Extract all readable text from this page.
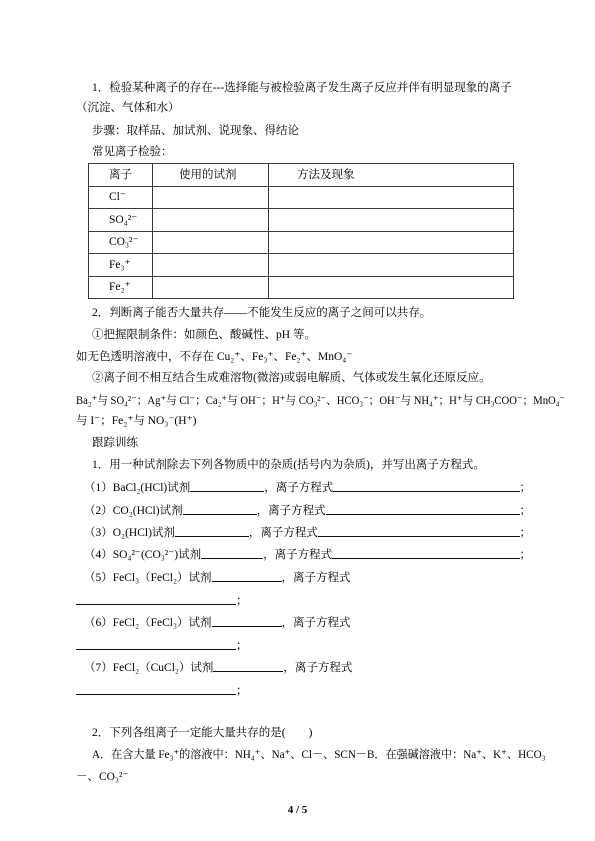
1．检验某种离子的存在---选择能与被检验离子发生离子反应并伴有明显现象的离子
（沉淀、气体和水）
步骤：取样品、加试剂、说现象、得结论
常见离子检验：
离子	使用的试剂	方法及现象
Cl⁻		
SO₄²⁻		
CO₃²⁻		
Fe₃⁺		
Fe₂⁺		
2．判断离子能否大量共存——不能发生反应的离子之间可以共存。
①把握限制条件：如颜色、酸碱性、pH 等。
如无色透明溶液中，不存在 Cu₂⁺、Fe₃⁺、Fe₂⁺、MnO₄⁻
②离子间不相互结合生成难溶物(微溶)或弱电解质、气体或发生氧化还原反应。
Ba₂⁺与 SO₄²⁻；Ag⁺与 Cl⁻；Ca₂⁺与 OH⁻；H⁺与 CO₃²⁻、HCO₃⁻；OH⁻与 NH₄⁺；H⁺与 CH₃COO⁻；MnO₄⁻
与 I⁻；Fe₂⁺与 NO₃⁻(H⁺)
跟踪训练
1．用一种试剂除去下列各物质中的杂质(括号内为杂质)，并写出离子方程式。
（1）BaCl₂(HCl)试剂	，离子方程式	；
（2）CO₂(HCl)试剂	，离子方程式	；
（3）O₂(HCl)试剂	，离子方程式	；
（4）SO₄²⁻(CO₃²⁻)试剂	，离子方程式	；
（5）FeCl₃（FeCl₂）试剂	，离子方程式
；
（6）FeCl₂（FeCl₃）试剂	，离子方程式
；
（7）FeCl₂（CuCl₂）试剂	，离子方程式
；
2．下列各组离子一定能大量共存的是(　　)
A．在含大量 Fe₃⁺的溶液中：NH₄⁺、Na⁺、Cl－、SCN－B．在强碱溶液中：Na⁺、K⁺、HCO₃
－、CO₃²⁻
4 / 5
